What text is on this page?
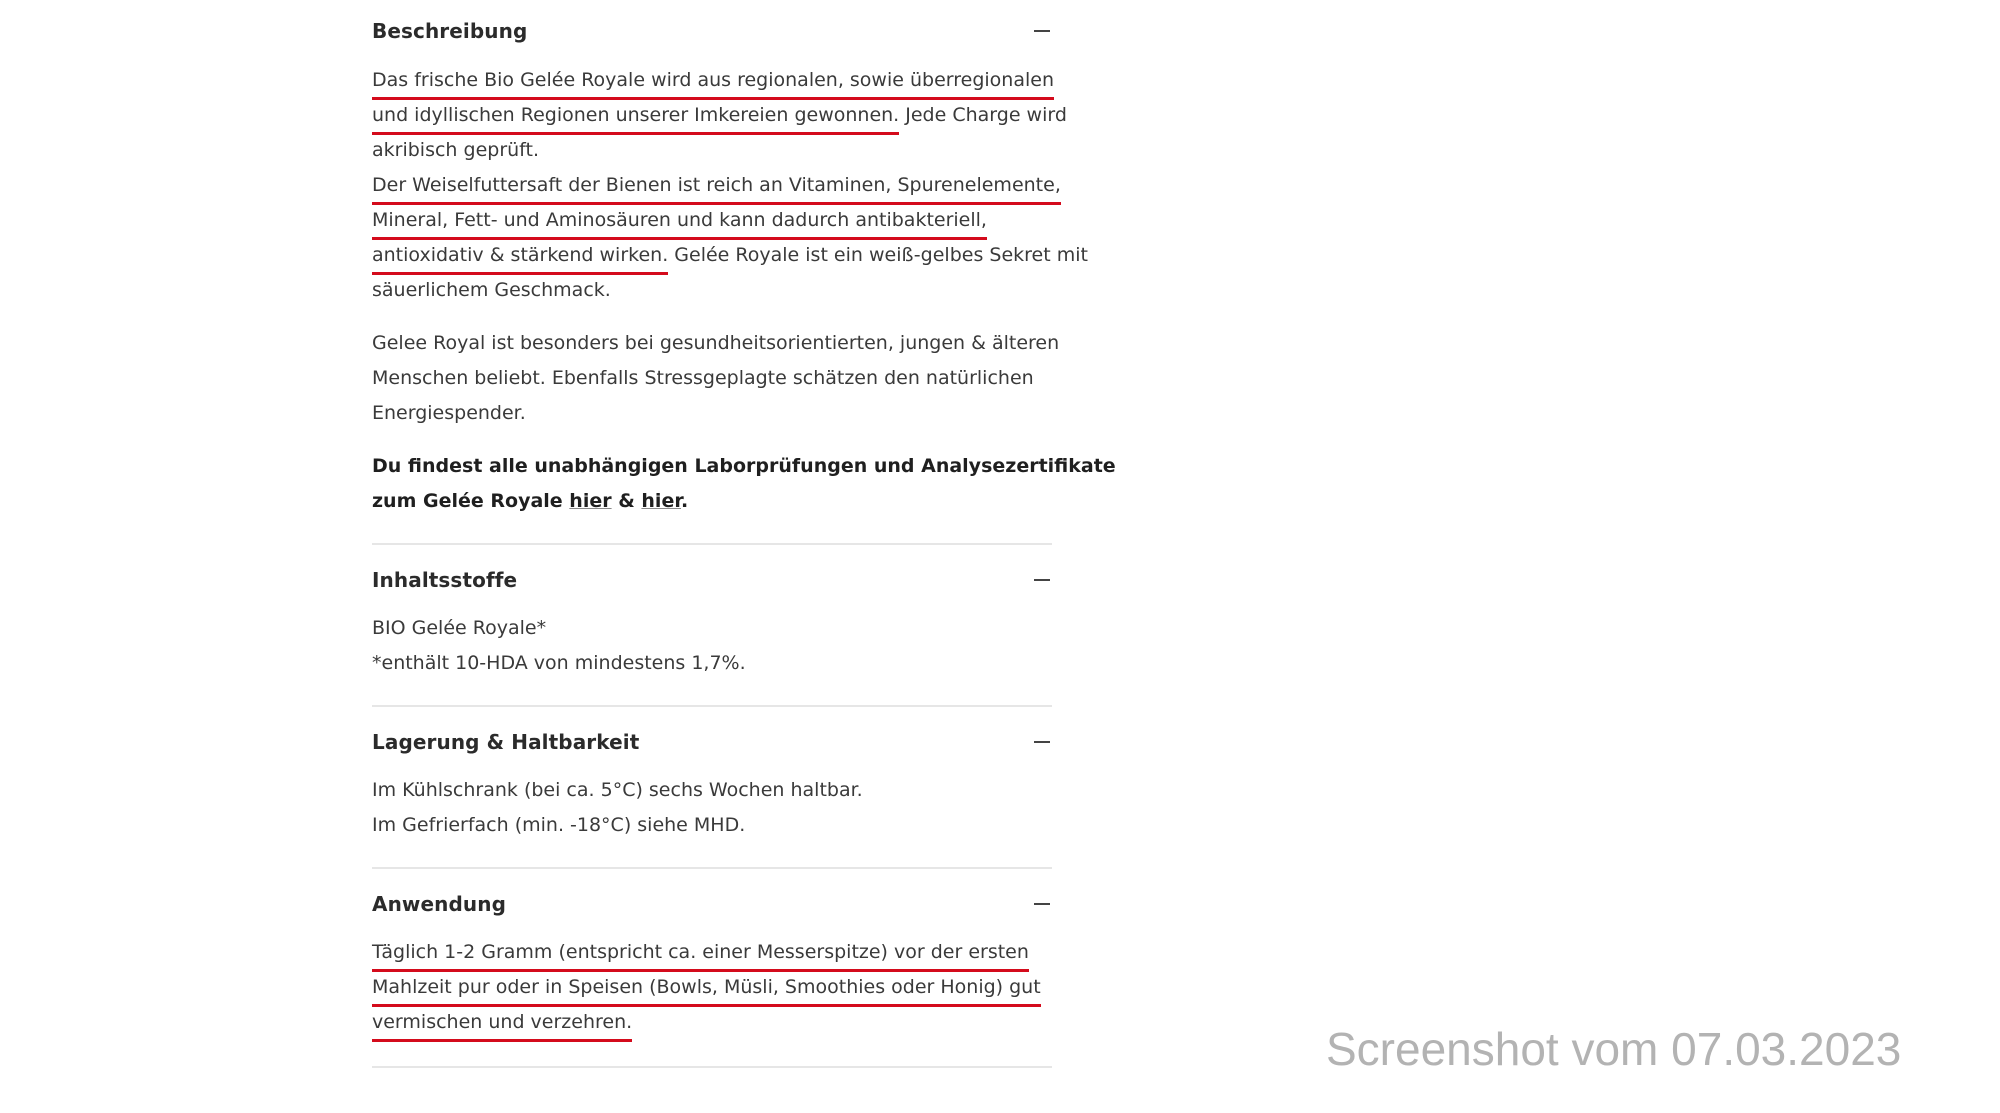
Beschreibung
Das frische Bio Gelée Royale wird aus regionalen, sowie überregionalen
und idyllischen Regionen unserer Imkereien gewonnen. Jede Charge wird
akribisch geprüft.
Der Weiselfuttersaft der Bienen ist reich an Vitaminen, Spurenelemente,
Mineral, Fett- und Aminosäuren und kann dadurch antibakteriell,
antioxidativ & stärkend wirken. Gelée Royale ist ein weiß-gelbes Sekret mit
säuerlichem Geschmack.
Gelee Royal ist besonders bei gesundheitsorientierten, jungen & älteren
Menschen beliebt. Ebenfalls Stressgeplagte schätzen den natürlichen
Energiespender.
Du findest alle unabhängigen Laborprüfungen und Analysezertifikate
zum Gelée Royale hier & hier.
Inhaltsstoffe
BIO Gelée Royale*
*enthält 10-HDA von mindestens 1,7%.
Lagerung & Haltbarkeit
Im Kühlschrank (bei ca. 5°C) sechs Wochen haltbar.
Im Gefrierfach (min. -18°C) siehe MHD.
Anwendung
Täglich 1-2 Gramm (entspricht ca. einer Messerspitze) vor der ersten
Mahlzeit pur oder in Speisen (Bowls, Müsli, Smoothies oder Honig) gut
vermischen und verzehren.
Screenshot vom 07.03.2023
